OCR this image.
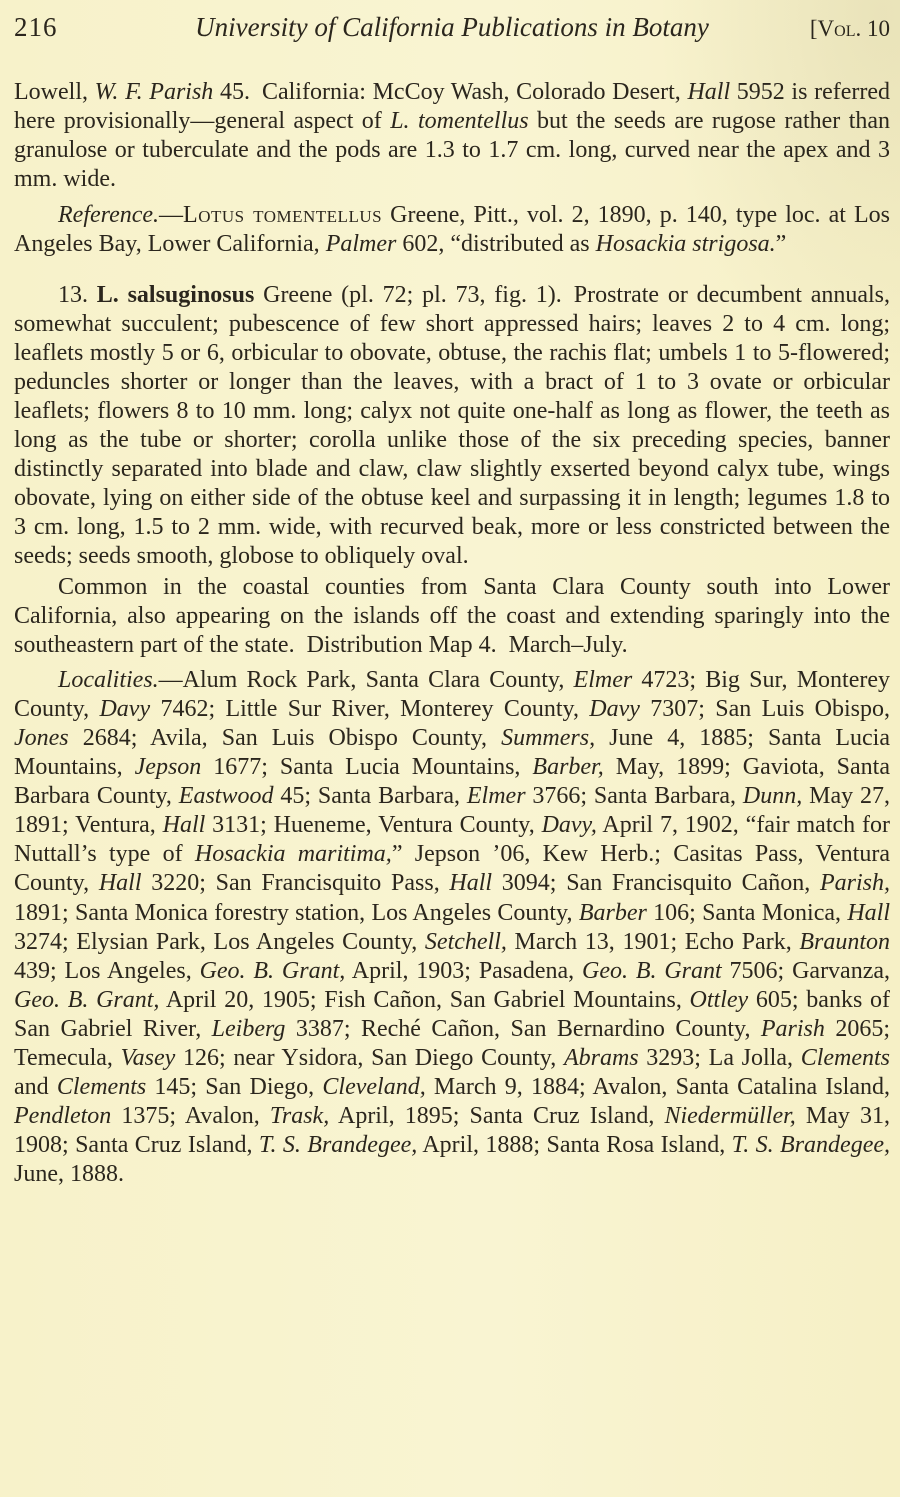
216	University of California Publications in Botany	[Vol. 10

Lowell, W. F. Parish 45. California: McCoy Wash, Colorado Desert, Hall 5952 is referred here provisionally—general aspect of L. tomentellus but the seeds are rugose rather than granulose or tuberculate and the pods are 1.3 to 1.7 cm. long, curved near the apex and 3 mm. wide.

Reference.—Lotus tomentellus Greene, Pitt., vol. 2, 1890, p. 140, type loc. at Los Angeles Bay, Lower California, Palmer 602, “distributed as Hosackia strigosa.”

13. L. salsuginosus Greene (pl. 72; pl. 73, fig. 1). Prostrate or decumbent annuals, somewhat succulent; pubescence of few short appressed hairs; leaves 2 to 4 cm. long; leaflets mostly 5 or 6, orbicular to obovate, obtuse, the rachis flat; umbels 1 to 5-flowered; peduncles shorter or longer than the leaves, with a bract of 1 to 3 ovate or orbicular leaflets; flowers 8 to 10 mm. long; calyx not quite one-half as long as flower, the teeth as long as the tube or shorter; corolla unlike those of the six preceding species, banner distinctly separated into blade and claw, claw slightly exserted beyond calyx tube, wings obovate, lying on either side of the obtuse keel and surpassing it in length; legumes 1.8 to 3 cm. long, 1.5 to 2 mm. wide, with recurved beak, more or less constricted between the seeds; seeds smooth, globose to obliquely oval.

Common in the coastal counties from Santa Clara County south into Lower California, also appearing on the islands off the coast and extending sparingly into the southeastern part of the state. Distribution Map 4. March–July.

Localities.—Alum Rock Park, Santa Clara County, Elmer 4723; Big Sur, Monterey County, Davy 7462; Little Sur River, Monterey County, Davy 7307; San Luis Obispo, Jones 2684; Avila, San Luis Obispo County, Summers, June 4, 1885; Santa Lucia Mountains, Jepson 1677; Santa Lucia Mountains, Barber, May, 1899; Gaviota, Santa Barbara County, Eastwood 45; Santa Barbara, Elmer 3766; Santa Barbara, Dunn, May 27, 1891; Ventura, Hall 3131; Hueneme, Ventura County, Davy, April 7, 1902, “fair match for Nuttall’s type of Hosackia maritima,” Jepson ’06, Kew Herb.; Casitas Pass, Ventura County, Hall 3220; San Francisquito Pass, Hall 3094; San Francisquito Cañon, Parish, 1891; Santa Monica forestry station, Los Angeles County, Barber 106; Santa Monica, Hall 3274; Elysian Park, Los Angeles County, Setchell, March 13, 1901; Echo Park, Braunton 439; Los Angeles, Geo. B. Grant, April, 1903; Pasadena, Geo. B. Grant 7506; Garvanza, Geo. B. Grant, April 20, 1905; Fish Cañon, San Gabriel Mountains, Ottley 605; banks of San Gabriel River, Leiberg 3387; Reché Cañon, San Bernardino County, Parish 2065; Temecula, Vasey 126; near Ysidora, San Diego County, Abrams 3293; La Jolla, Clements and Clements 145; San Diego, Cleveland, March 9, 1884; Avalon, Santa Catalina Island, Pendleton 1375; Avalon, Trask, April, 1895; Santa Cruz Island, Niedermüller, May 31, 1908; Santa Cruz Island, T. S. Brandegee, April, 1888; Santa Rosa Island, T. S. Brandegee, June, 1888.
